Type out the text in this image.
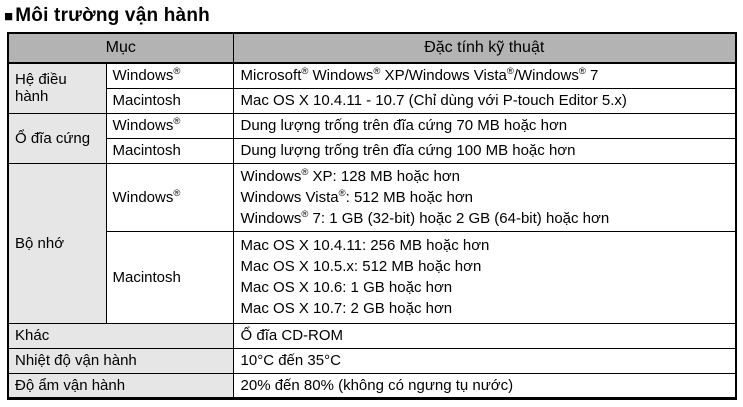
■ Môi trường vận hành
Mục		Đặc tính kỹ thuật
Hệ điều hành	Windows®	Microsoft® Windows® XP/Windows Vista®/Windows® 7

	Macintosh	Mac OS X 10.4.11 - 10.7 (Chỉ dùng với P-touch Editor 5.x)

Ổ đĩa cứng	Windows®	Dung lượng trống trên đĩa cứng 70 MB hoặc hơn

	Macintosh	Dung lượng trống trên đĩa cứng 100 MB hoặc hơn

Bộ nhớ	Windows®	Windows® XP: 128 MB hoặc hơn
Windows Vista®: 512 MB hoặc hơn
Windows® 7: 1 GB (32-bit) hoặc 2 GB (64-bit) hoặc hơn

	Macintosh	Mac OS X 10.4.11: 256 MB hoặc hơn
Mac OS X 10.5.x: 512 MB hoặc hơn
Mac OS X 10.6: 1 GB hoặc hơn
Mac OS X 10.7: 2 GB hoặc hơn

Khác		Ổ đĩa CD-ROM

Nhiệt độ vận hành		10°C đến 35°C

Độ ẩm vận hành		20% đến 80% (không có ngưng tụ nước)
